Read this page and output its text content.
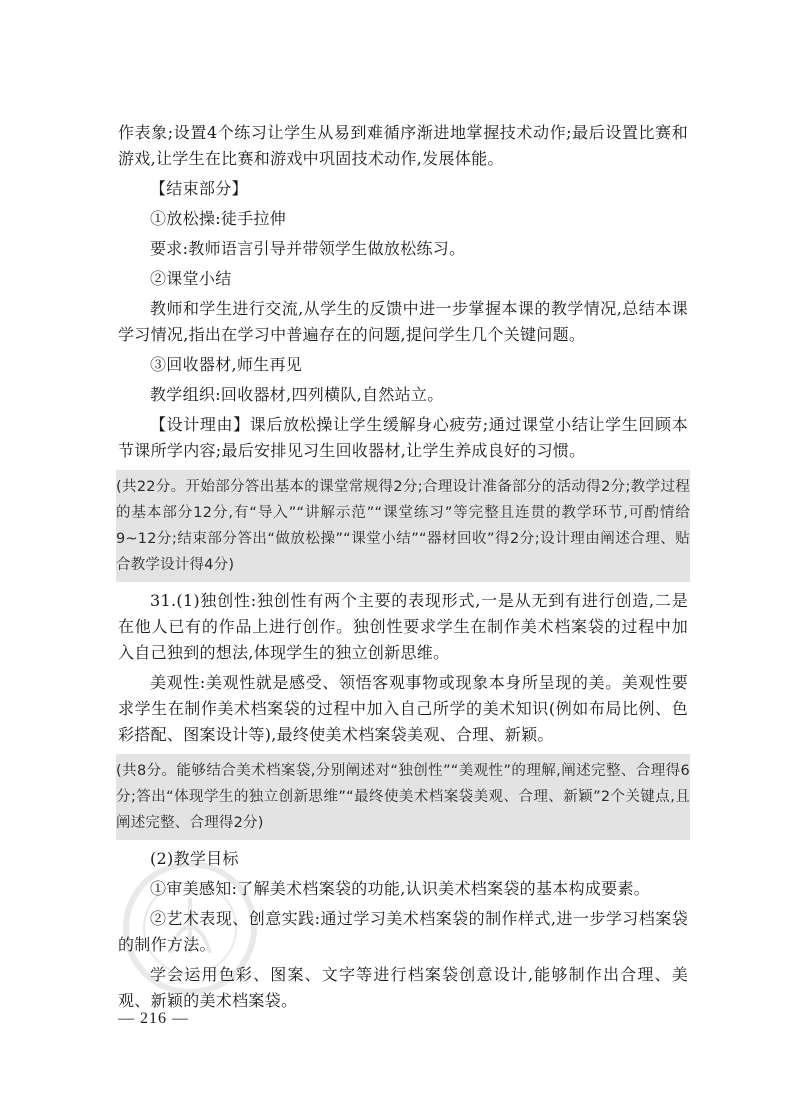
作表象;设置4个练习让学生从易到难循序渐进地掌握技术动作;最后设置比赛和游戏,让学生在比赛和游戏中巩固技术动作,发展体能。

【结束部分】

①放松操:徒手拉伸

要求:教师语言引导并带领学生做放松练习。

②课堂小结

教师和学生进行交流,从学生的反馈中进一步掌握本课的教学情况,总结本课学习情况,指出在学习中普遍存在的问题,提问学生几个关键问题。

③回收器材,师生再见

教学组织:回收器材,四列横队,自然站立。

【设计理由】课后放松操让学生缓解身心疲劳;通过课堂小结让学生回顾本节课所学内容;最后安排见习生回收器材,让学生养成良好的习惯。

(共22分。开始部分答出基本的课堂常规得2分;合理设计准备部分的活动得2分;教学过程的基本部分12分,有“导入”“讲解示范”“课堂练习”等完整且连贯的教学环节,可酌情给9~12分;结束部分答出“做放松操”“课堂小结”“器材回收”得2分;设计理由阐述合理、贴合教学设计得4分)

31.(1)独创性:独创性有两个主要的表现形式,一是从无到有进行创造,二是在他人已有的作品上进行创作。独创性要求学生在制作美术档案袋的过程中加入自己独到的想法,体现学生的独立创新思维。

美观性:美观性就是感受、领悟客观事物或现象本身所呈现的美。美观性要求学生在制作美术档案袋的过程中加入自己所学的美术知识(例如布局比例、色彩搭配、图案设计等),最终使美术档案袋美观、合理、新颖。

(共8分。能够结合美术档案袋,分别阐述对“独创性”“美观性”的理解,阐述完整、合理得6分;答出“体现学生的独立创新思维”“最终使美术档案袋美观、合理、新颖”2个关键点,且阐述完整、合理得2分)

(2)教学目标

①审美感知:了解美术档案袋的功能,认识美术档案袋的基本构成要素。

②艺术表现、创意实践:通过学习美术档案袋的制作样式,进一步学习档案袋的制作方法。

学会运用色彩、图案、文字等进行档案袋创意设计,能够制作出合理、美观、新颖的美术档案袋。

— 216 —
